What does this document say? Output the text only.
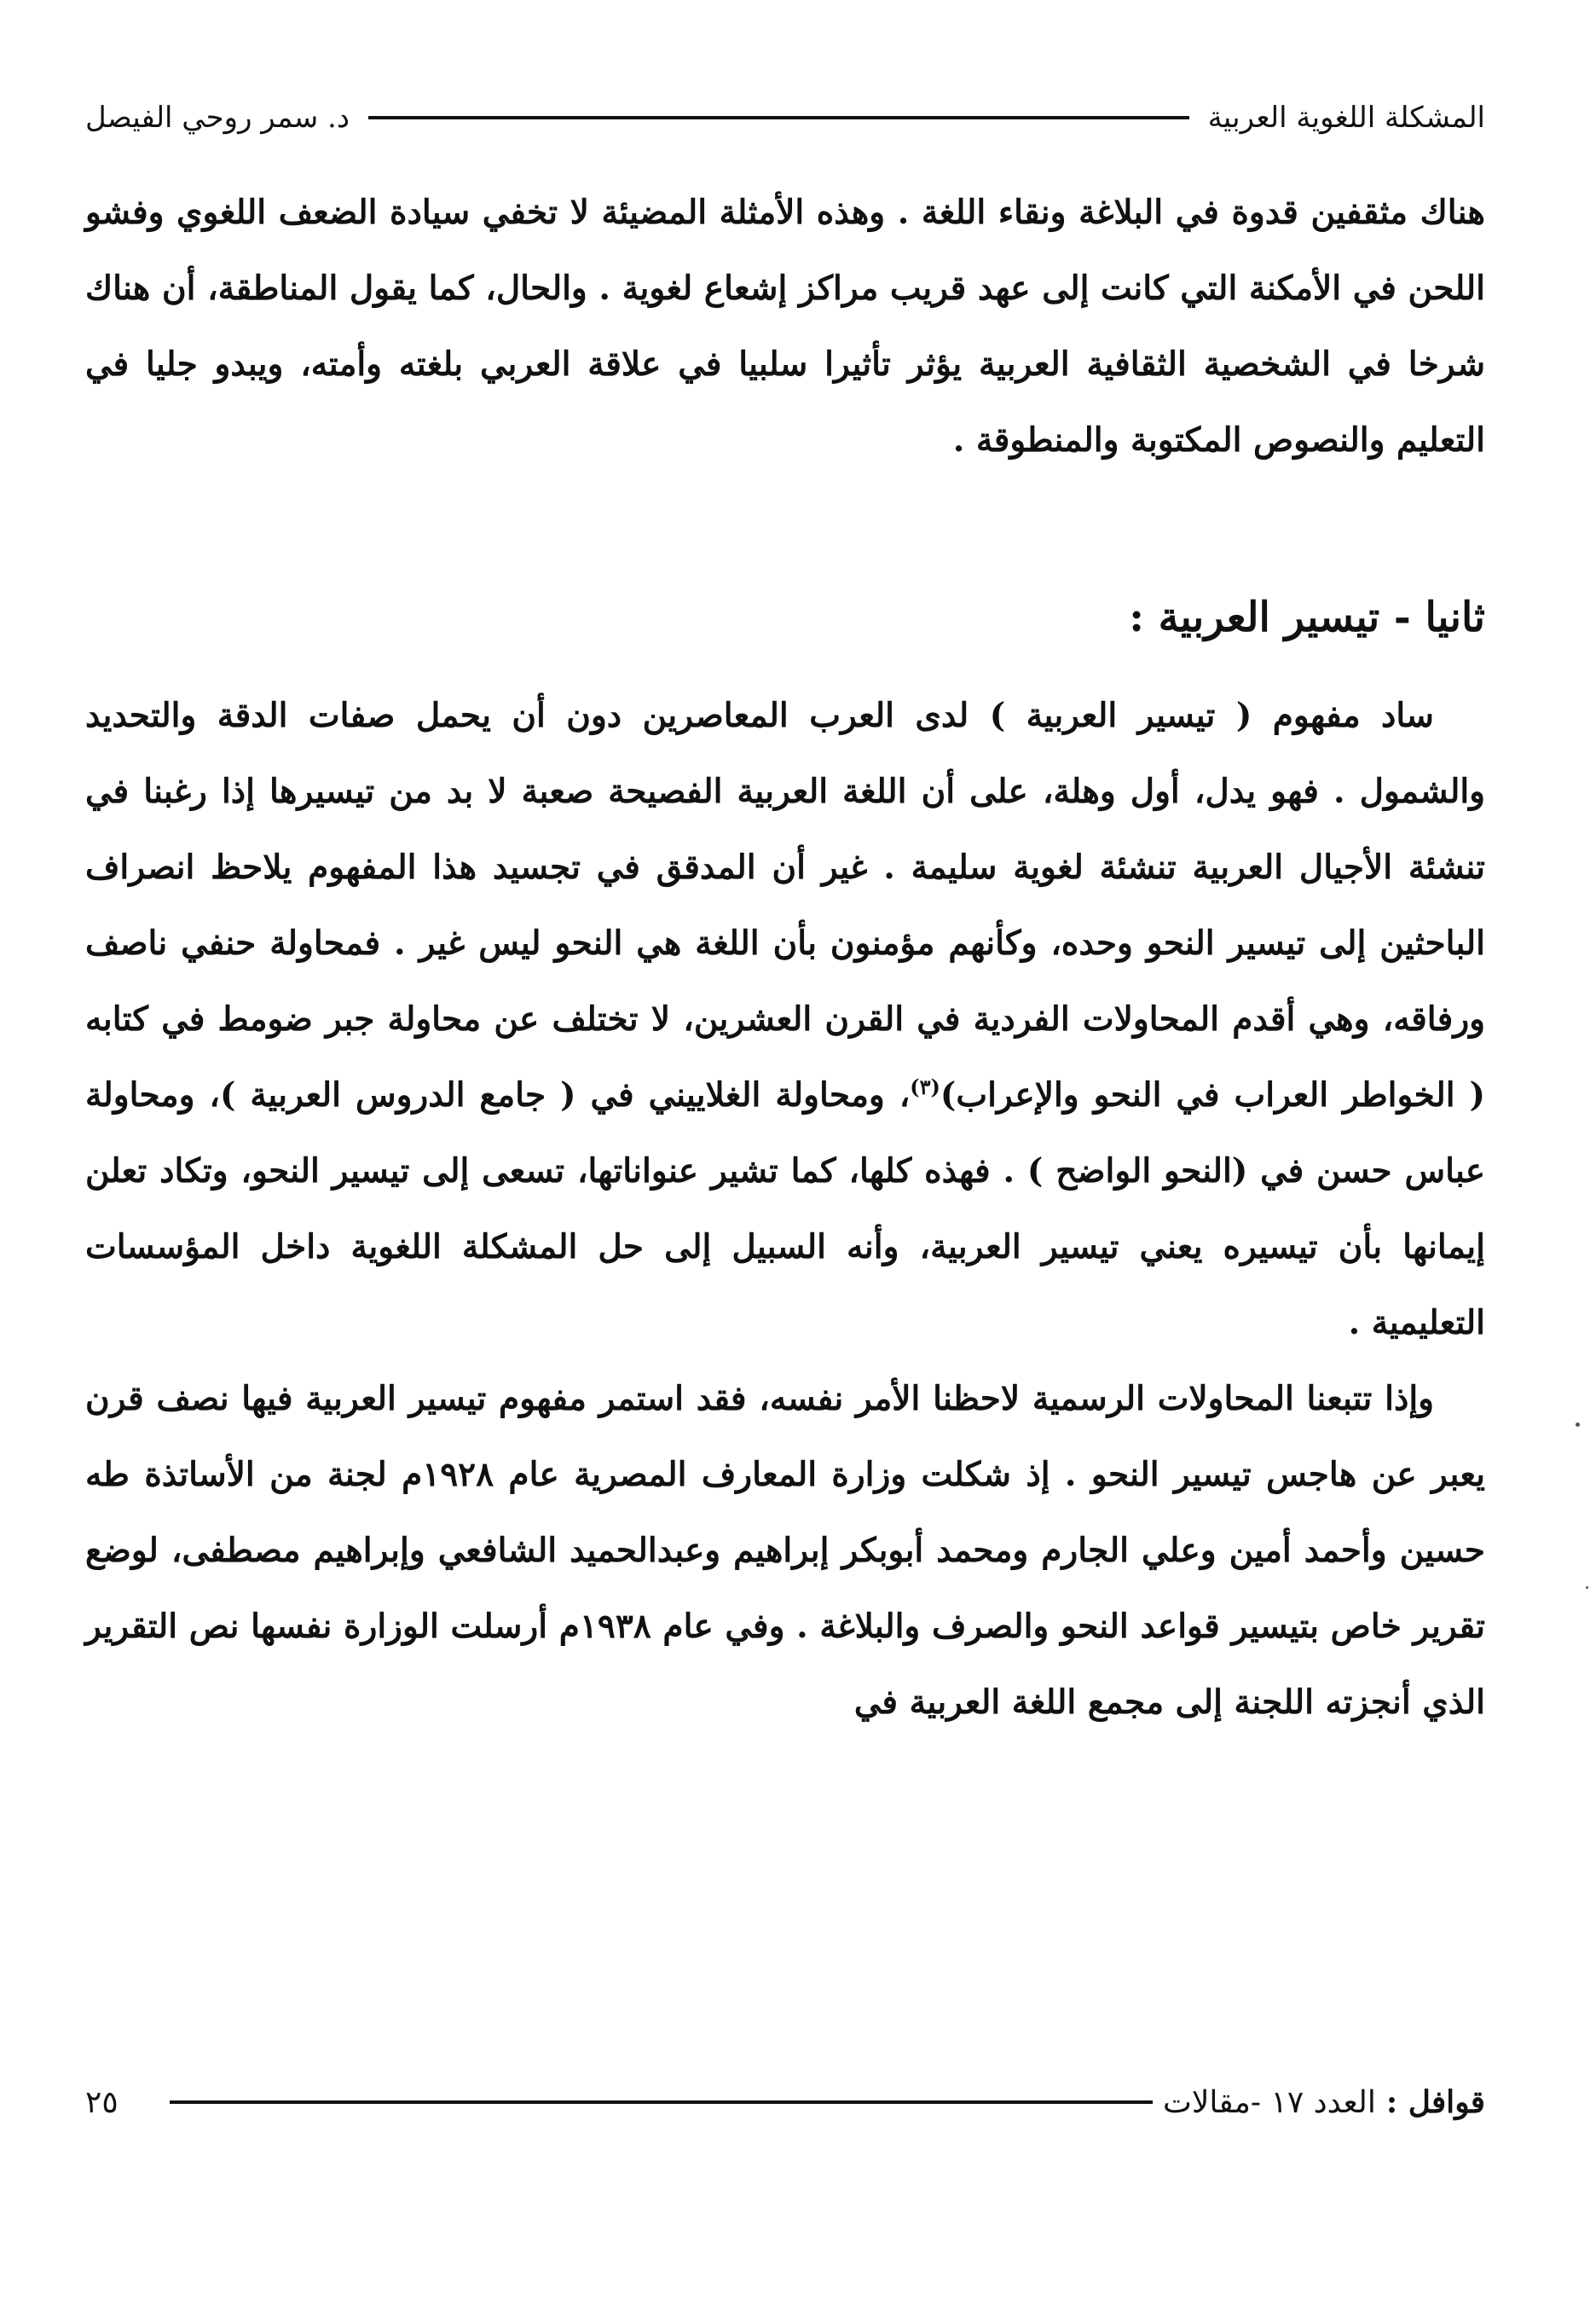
المشكلة اللغوية العربية
د. سمر روحي الفيصل

هناك مثقفين قدوة في البلاغة ونقاء اللغة . وهذه الأمثلة المضيئة لا تخفي سيادة الضعف اللغوي وفشو اللحن في الأمكنة التي كانت إلى عهد قريب مراكز إشعاع لغوية . والحال، كما يقول المناطقة، أن هناك شرخا في الشخصية الثقافية العربية يؤثر تأثيرا سلبيا في علاقة العربي بلغته وأمته، ويبدو جليا في التعليم والنصوص المكتوبة والمنطوقة .

ثانيا - تيسير العربية :

ساد مفهوم ( تيسير العربية ) لدى العرب المعاصرين دون أن يحمل صفات الدقة والتحديد والشمول . فهو يدل، أول وهلة، على أن اللغة العربية الفصيحة صعبة لا بد من تيسيرها إذا رغبنا في تنشئة الأجيال العربية تنشئة لغوية سليمة . غير أن المدقق في تجسيد هذا المفهوم يلاحظ انصراف الباحثين إلى تيسير النحو وحده، وكأنهم مؤمنون بأن اللغة هي النحو ليس غير . فمحاولة حنفي ناصف ورفاقه، وهي أقدم المحاولات الفردية في القرن العشرين، لا تختلف عن محاولة جبر ضومط في كتابه ( الخواطر العراب في النحو والإعراب)$^{(٣)}$، ومحاولة الغلاييني في ( جامع الدروس العربية )، ومحاولة عباس حسن في (النحو الواضح ) . فهذه كلها، كما تشير عنواناتها، تسعى إلى تيسير النحو، وتكاد تعلن إيمانها بأن تيسيره يعني تيسير العربية، وأنه السبيل إلى حل المشكلة اللغوية داخل المؤسسات التعليمية .

وإذا تتبعنا المحاولات الرسمية لاحظنا الأمر نفسه، فقد استمر مفهوم تيسير العربية فيها نصف قرن يعبر عن هاجس تيسير النحو . إذ شكلت وزارة المعارف المصرية عام ١٩٢٨م لجنة من الأساتذة طه حسين وأحمد أمين وعلي الجارم ومحمد أبوبكر إبراهيم وعبدالحميد الشافعي وإبراهيم مصطفى، لوضع تقرير خاص بتيسير قواعد النحو والصرف والبلاغة . وفي عام ١٩٣٨م أرسلت الوزارة نفسها نص التقرير الذي أنجزته اللجنة إلى مجمع اللغة العربية في

قوافل :
العدد ١٧ -مقالات
٢٥
